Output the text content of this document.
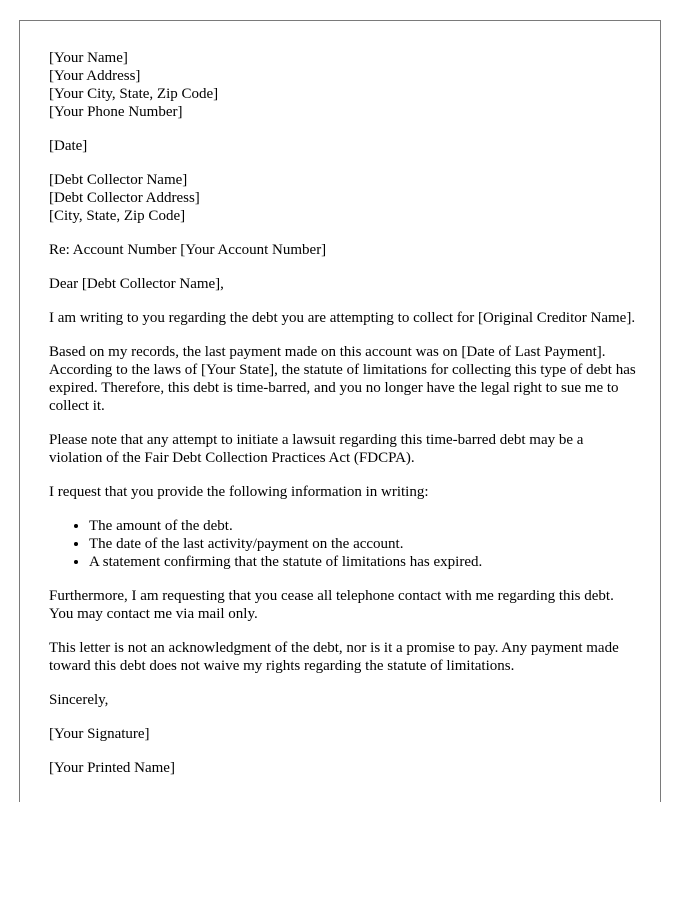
[Your Name]
[Your Address]
[Your City, State, Zip Code]
[Your Phone Number]
[Date]
[Debt Collector Name]
[Debt Collector Address]
[City, State, Zip Code]
Re: Account Number [Your Account Number]
Dear [Debt Collector Name],

I am writing to you regarding the debt you are attempting to collect for [Original Creditor Name].

Based on my records, the last payment made on this account was on [Date of Last Payment]. According to the laws of [Your State], the statute of limitations for collecting this type of debt has expired. Therefore, this debt is time-barred, and you no longer have the legal right to sue me to collect it.

Please note that any attempt to initiate a lawsuit regarding this time-barred debt may be a violation of the Fair Debt Collection Practices Act (FDCPA).

I request that you provide the following information in writing:

• The amount of the debt.
• The date of the last activity/payment on the account.
• A statement confirming that the statute of limitations has expired.

Furthermore, I am requesting that you cease all telephone contact with me regarding this debt. You may contact me via mail only.

This letter is not an acknowledgment of the debt, nor is it a promise to pay. Any payment made toward this debt does not waive my rights regarding the statute of limitations.

Sincerely,
[Your Signature]
[Your Printed Name]
